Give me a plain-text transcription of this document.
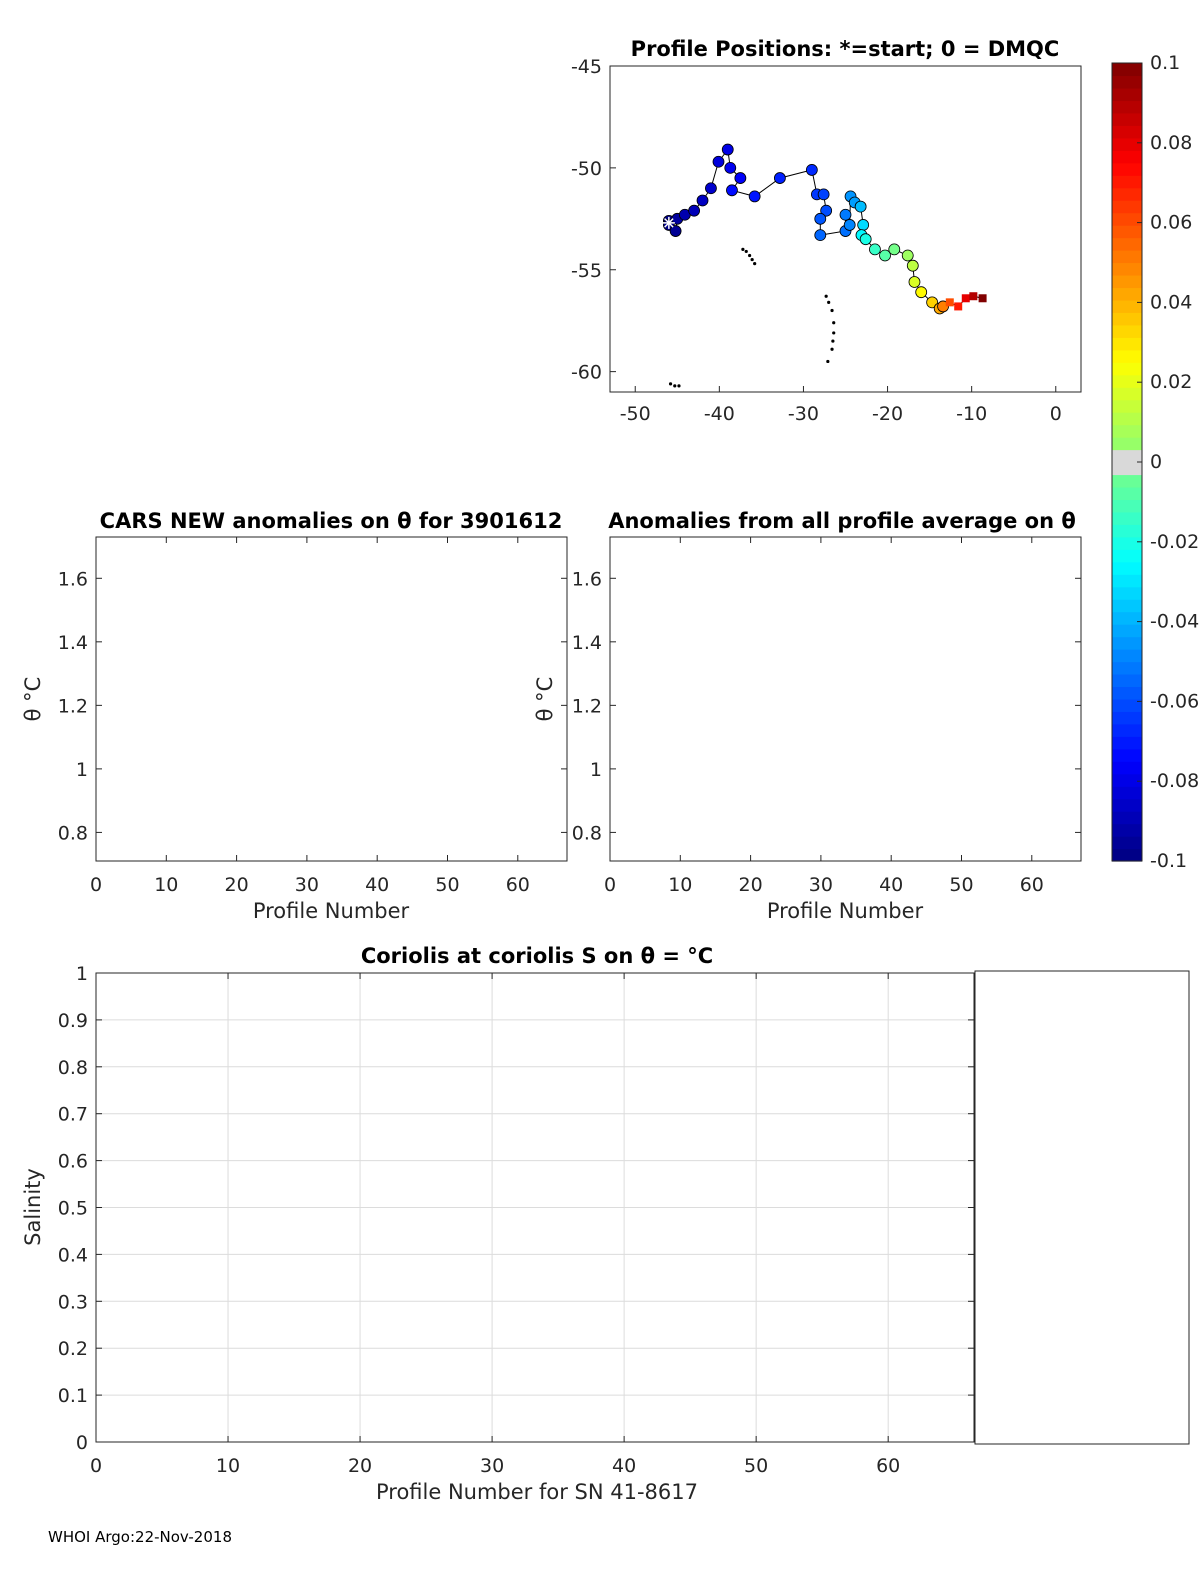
Profile Positions: *=start; 0 = DMQC
-50	-40	-30	-20	-10	0
-45
-50
-55
-60
0.1
0.08
0.06
0.04
0.02
0
-0.02
-0.04
-0.06
-0.08
-0.1
CARS NEW anomalies on θ for 3901612
0	10 20 30 40 50 60
0.8
1
1.2
1.4
1.6
Profile Number
θ °C
Anomalies from all profile average on θ
0	10 20 30 40 50 60
0.8
1
1.2
1.4
1.6
Profile Number
θ °C
Coriolis at coriolis S on θ = °C
0	10	20	30	40	50	60
0
0.1
0.2
0.3
0.4
0.5
0.6
0.7
0.8
0.9
1
Profile Number for SN 41-8617
Salinity
WHOI Argo:22-Nov-2018
